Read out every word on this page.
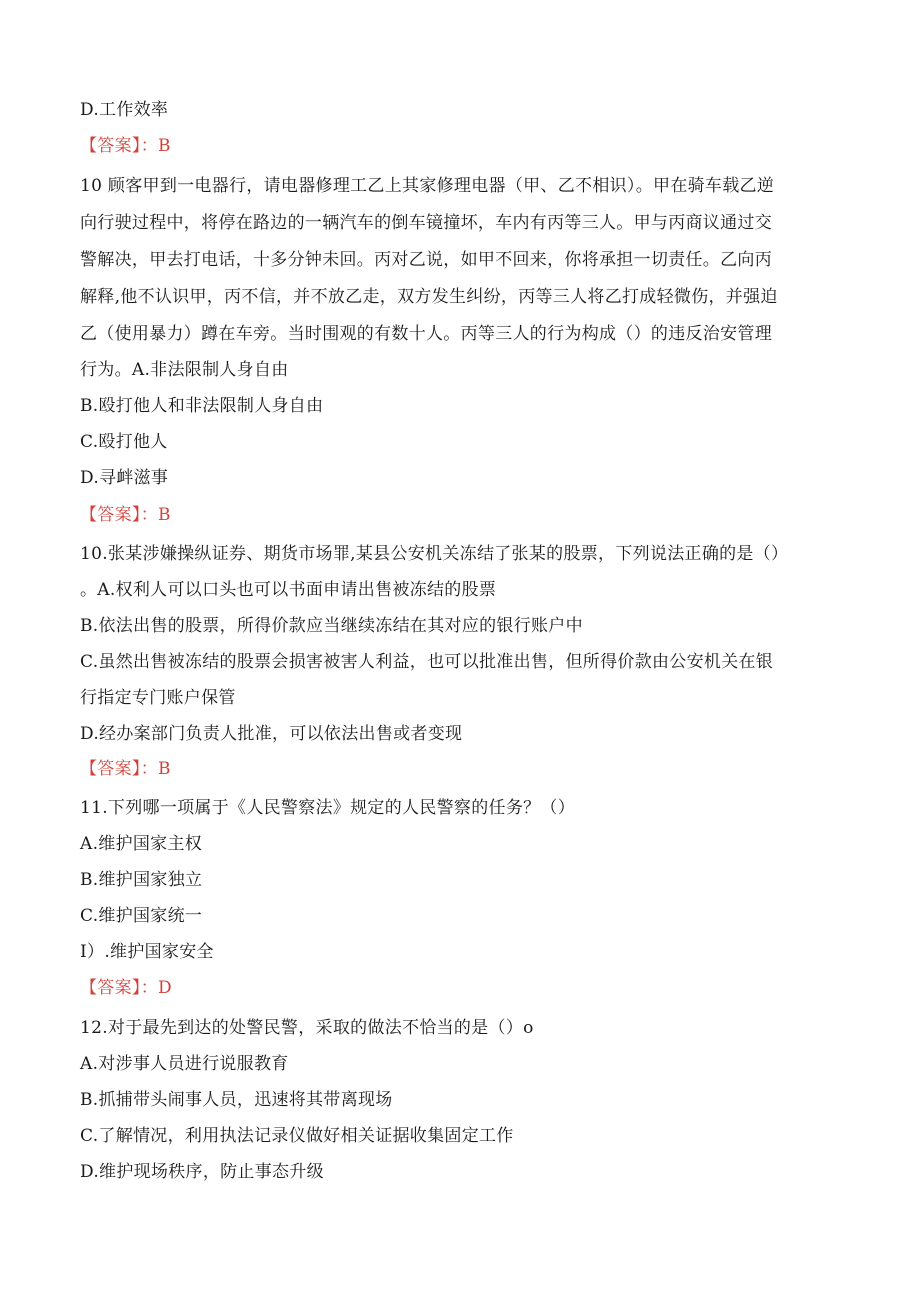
D.工作效率
【答案】：B
10 顾客甲到一电器行，请电器修理工乙上其家修理电器（甲、乙不相识）。甲在骑车载乙逆
向行驶过程中，将停在路边的一辆汽车的倒车镜撞坏，车内有丙等三人。甲与丙商议通过交
警解决，甲去打电话，十多分钟未回。丙对乙说，如甲不回来，你将承担一切责任。乙向丙
解释,他不认识甲，丙不信，并不放乙走，双方发生纠纷，丙等三人将乙打成轻微伤，并强迫
乙（使用暴力）蹲在车旁。当时围观的有数十人。丙等三人的行为构成（）的违反治安管理
行为。A.非法限制人身自由
B.殴打他人和非法限制人身自由
C.殴打他人
D.寻衅滋事
【答案】：B
10.张某涉嫌操纵证券、期货市场罪,某县公安机关冻结了张某的股票，下列说法正确的是（）
。A.权利人可以口头也可以书面申请出售被冻结的股票
B.依法出售的股票，所得价款应当继续冻结在其对应的银行账户中
C.虽然出售被冻结的股票会损害被害人利益，也可以批准出售，但所得价款由公安机关在银
行指定专门账户保管
D.经办案部门负责人批准，可以依法出售或者变现
【答案】：B
11.下列哪一项属于《人民警察法》规定的人民警察的任务？（）
A.维护国家主权
B.维护国家独立
C.维护国家统一
I）.维护国家安全
【答案】：D
12.对于最先到达的处警民警，采取的做法不恰当的是（）o
A.对涉事人员进行说服教育
B.抓捕带头闹事人员，迅速将其带离现场
C.了解情况，利用执法记录仪做好相关证据收集固定工作
D.维护现场秩序，防止事态升级
